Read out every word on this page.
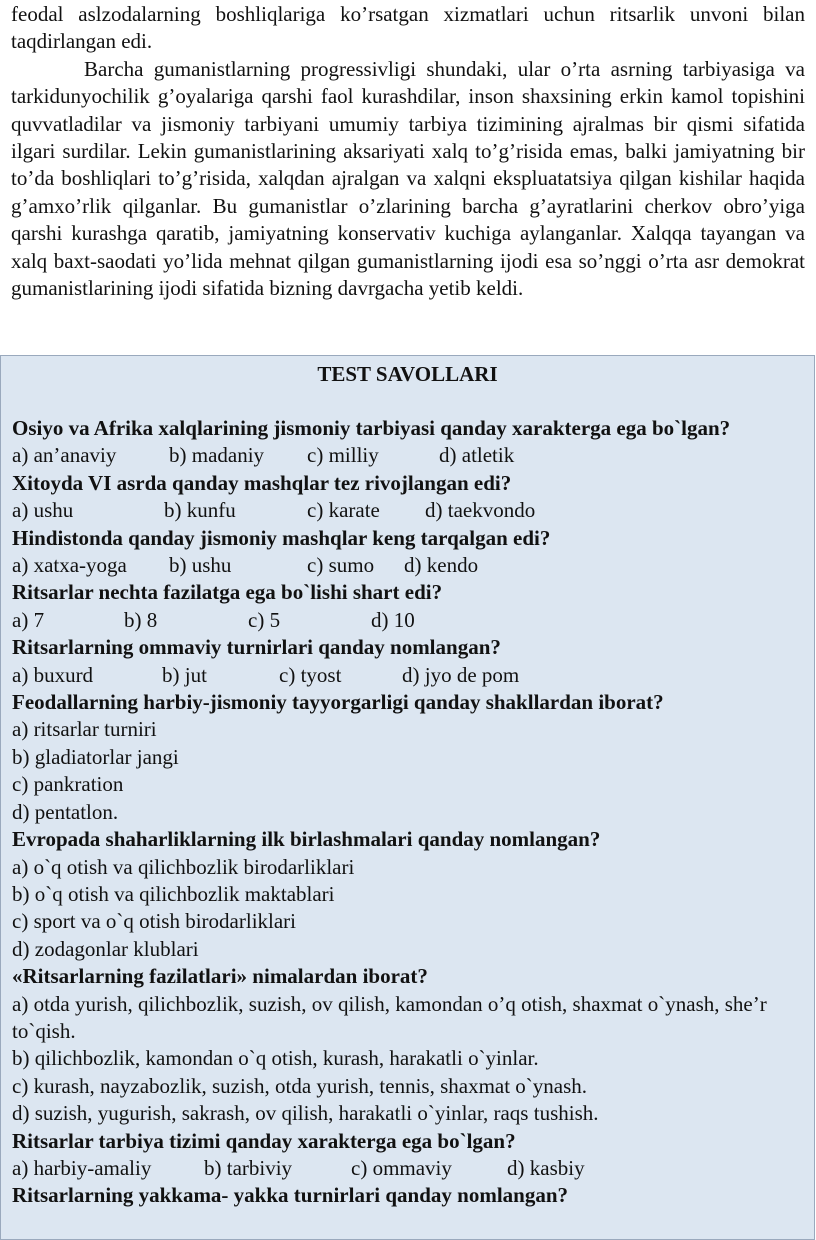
feodal aslzodalarning boshliqlariga ko’rsatgan xizmatlari uchun ritsarlik unvoni bilan taqdirlangan edi.

Barcha gumanistlarning progressivligi shundaki, ular o’rta asrning tarbiyasiga va tarkidunyochilik g’oyalariga qarshi faol kurashdilar, inson shaxsining erkin kamol topishini quvvatladilar va jismoniy tarbiyani umumiy tarbiya tizimining ajralmas bir qismi sifatida ilgari surdilar. Lekin gumanistlarining aksariyati xalq to’g’risida emas, balki jamiyatning bir to’da boshliqlari to’g’risida, xalqdan ajralgan va xalqni ekspluatatsiya qilgan kishilar haqida g’amxo’rlik qilganlar. Bu gumanistlar o’zlarining barcha g’ayratlarini cherkov obro’yiga qarshi kurashga qaratib, jamiyatning konservativ kuchiga aylanganlar. Xalqqa tayangan va xalq baxt-saodati yo’lida mehnat qilgan gumanistlarning ijodi esa so’nggi o’rta asr demokrat gumanistlarining ijodi sifatida bizning davrgacha yetib keldi.

TEST SAVOLLARI
Osiyo va Afrika xalqlarining jismoniy tarbiyasi qanday xarakterga ega bo`lgan?
a) an’anaviy	b) madaniy	c) milliy	d) atletik
Xitoyda VI asrda qanday mashqlar tez rivojlangan edi?
a) ushu	b) kunfu	c) karate	d) taekvondo
Hindistonda qanday jismoniy mashqlar keng tarqalgan edi?
a) xatxa-yoga	b) ushu	c) sumo	d) kendo
Ritsarlar nechta fazilatga ega bo`lishi shart edi?
a) 7	b) 8	c) 5	d) 10
Ritsarlarning ommaviy turnirlari qanday nomlangan?
a) buxurd	b) jut	c) tyost	d) jyo de pom
Feodallarning harbiy-jismoniy tayyorgarligi qanday shakllardan iborat?
a) ritsarlar turniri
b) gladiatorlar jangi
c) pankration
d) pentatlon.
Evropada shaharliklarning ilk birlashmalari qanday nomlangan?
a) o`q otish va qilichbozlik birodarliklari
b) o`q otish va qilichbozlik maktablari
c) sport va o`q otish birodarliklari
d) zodagonlar klublari
«Ritsarlarning fazilatlari» nimalardan iborat?
a) otda yurish, qilichbozlik, suzish, ov qilish, kamondan o’q otish, shaxmat o`ynash, she’r to`qish.
b) qilichbozlik, kamondan o`q otish, kurash, harakatli o`yinlar.
c) kurash, nayzabozlik, suzish, otda yurish, tennis, shaxmat o`ynash.
d) suzish, yugurish, sakrash, ov qilish, harakatli o`yinlar, raqs tushish.
Ritsarlar tarbiya tizimi qanday xarakterga ega bo`lgan?
a) harbiy-amaliy	b) tarbiviy	c) ommaviy	d) kasbiy
Ritsarlarning yakkama- yakka turnirlari qanday nomlangan?
